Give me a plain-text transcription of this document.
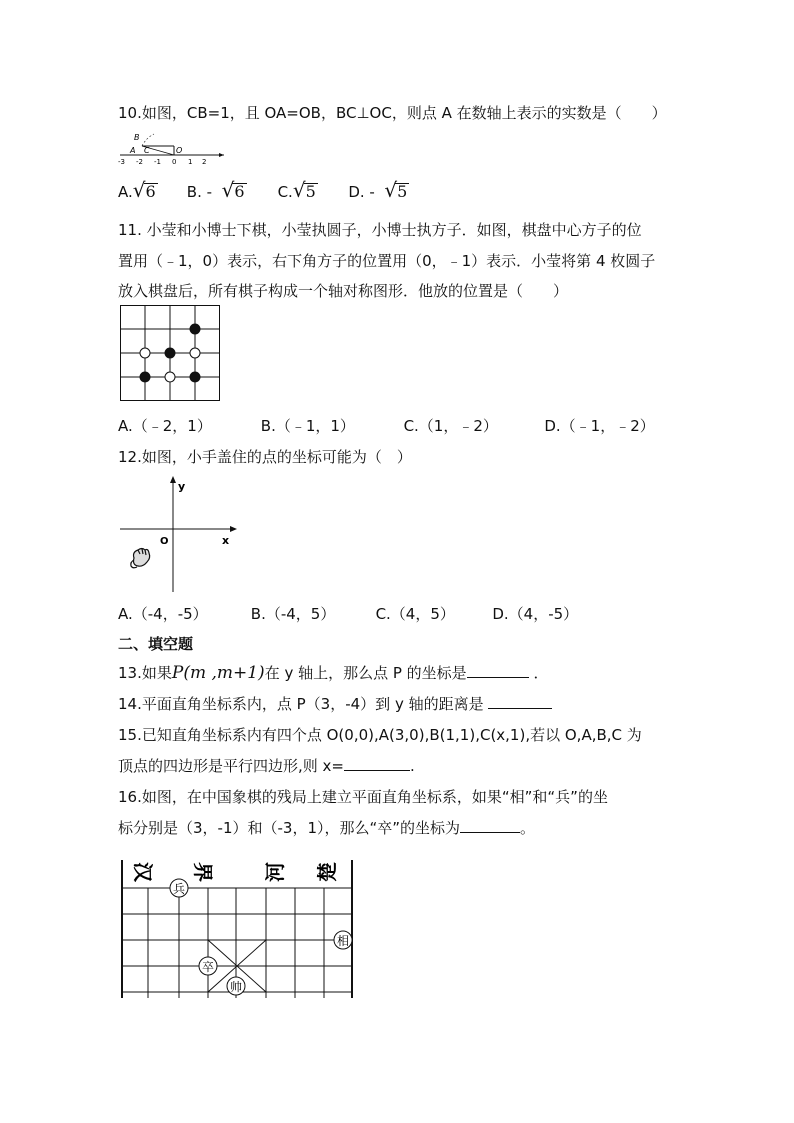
10.如图，CB=1，且 OA=OB，BC⊥OC，则点 A 在数轴上表示的实数是（　　）
B
A C	O
-3 -2 -1 0 1 2
A.√6 B. - √6 C.√5 D. - √5
11. 小莹和小博士下棋，小莹执圆子，小博士执方子．如图，棋盘中心方子的位
置用（﹣1，0）表示，右下角方子的位置用（0，﹣1）表示．小莹将第 4 枚圆子
放入棋盘后，所有棋子构成一个轴对称图形．他放的位置是（　　）
A.（﹣2，1）	B.（﹣1，1）	C.（1，﹣2）	D.（﹣1，﹣2）
12.如图，小手盖住的点的坐标可能为（　）
y
x
O
A.（-4，-5）	B.（-4，5）	C.（4，5） D.（4，-5）
二、填空题
13.如果P(m ,m+1)在 y 轴上，那么点 P 的坐标是	．
14.平面直角坐标系内，点 P（3，-4）到 y 轴的距离是
15.已知直角坐标系内有四个点 O(0,0),A(3,0),B(1,1),C(x,1),若以 O,A,B,C 为
顶点的四边形是平行四边形,则 x=	.
16.如图，在中国象棋的残局上建立平面直角坐标系，如果“相”和“兵”的坐
标分别是（3，-1）和（-3，1），那么“卒”的坐标为	。
汉 界 河 楚
兵
相
卒
帅
